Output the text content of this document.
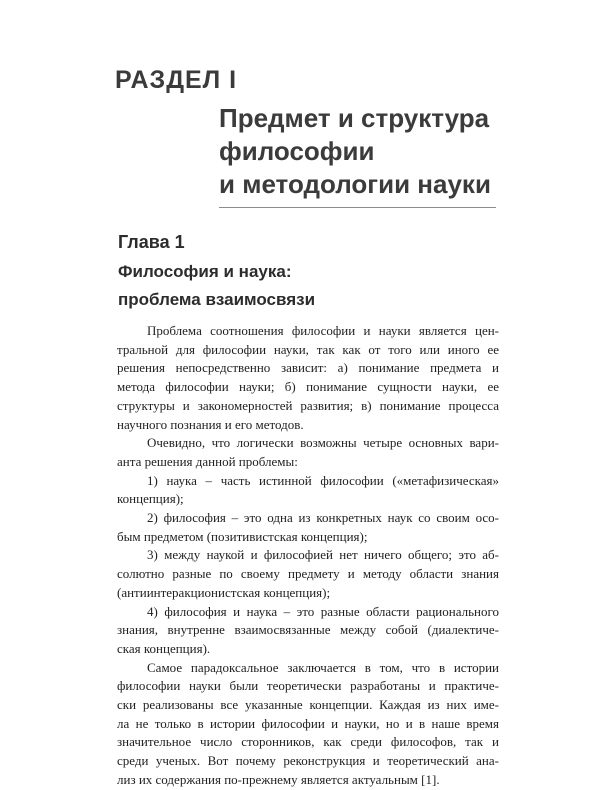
РАЗДЕЛ I
Предмет и структура
философии
и методологии науки
Глава 1
Философия и наука:
проблема взаимосвязи
Проблема соотношения философии и науки является цен-
тральной для философии науки, так как от того или иного ее
решения непосредственно зависит: а) понимание предмета и
метода философии науки; б) понимание сущности науки, ее
структуры и закономерностей развития; в) понимание процесса
научного познания и его методов.
Очевидно, что логически возможны четыре основных вари-
анта решения данной проблемы:
1) наука – часть истинной философии («метафизическая»
концепция);
2) философия – это одна из конкретных наук со своим осо-
бым предметом (позитивистская концепция);
3) между наукой и философией нет ничего общего; это аб-
солютно разные по своему предмету и методу области знания
(антиинтеракционистская концепция);
4) философия и наука – это разные области рационального
знания, внутренне взаимосвязанные между собой (диалектиче-
ская концепция).
Самое парадоксальное заключается в том, что в истории
философии науки были теоретически разработаны и практиче-
ски реализованы все указанные концепции. Каждая из них име-
ла не только в истории философии и науки, но и в наше время
значительное число сторонников, как среди философов, так и
среди ученых. Вот почему реконструкция и теоретический ана-
лиз их содержания по-прежнему является актуальным [1].
